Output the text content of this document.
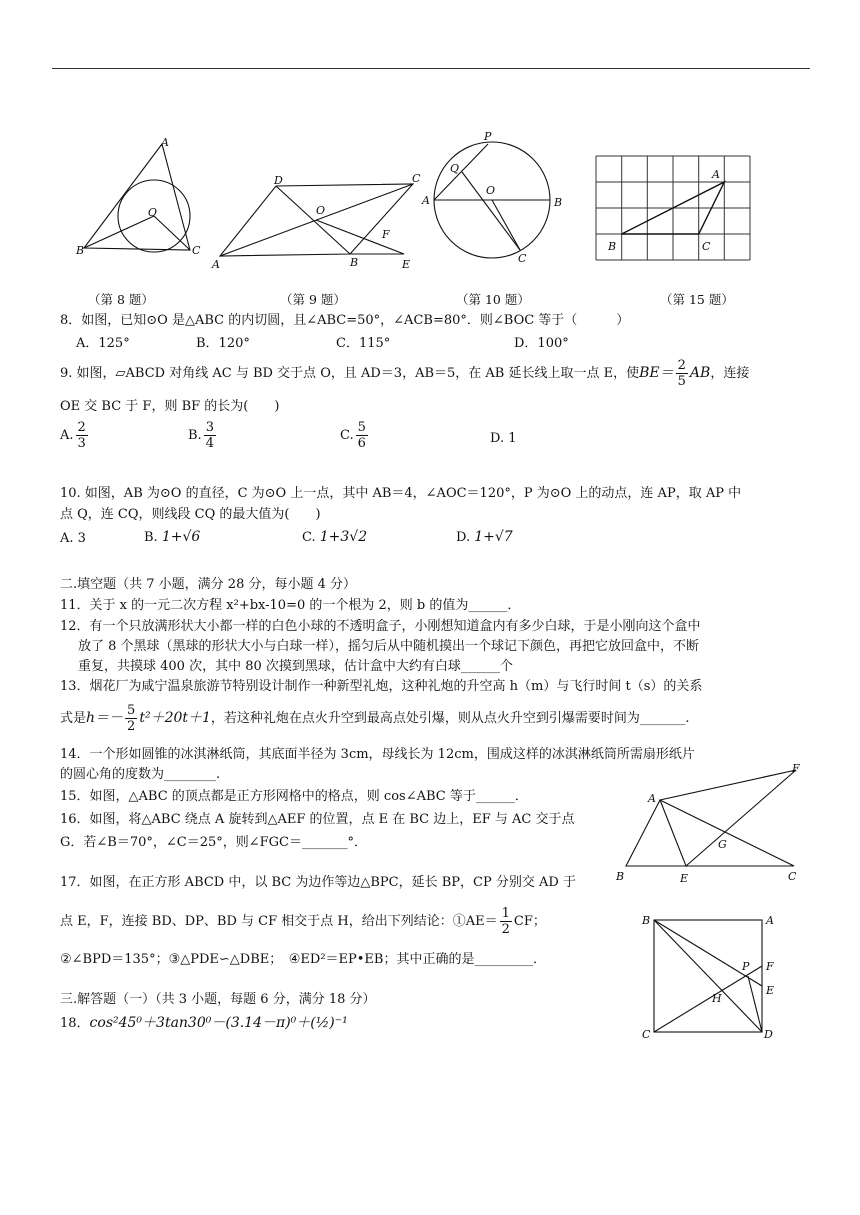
A
B	C
O
D	C
O
F
A	B	E
P
Q
O
A	B
C
A
B	C
F
A
G
B	E	C
B	A
P F
E
H
C	D
（第 8 题）	（第 9 题）	（第 10 题）	（第 15 题）
8．如图，已知⊙O 是△ABC 的内切圆，且∠ABC=50°，∠ACB=80°．则∠BOC 等于（　　　）
A．125°	B．120°	C．115°	D．100°
9. 如图，▱ABCD 对角线 AC 与 BD 交于点 O，且 AD＝3，AB＝5，在 AB 延长线上取一点 E，使$BE= \frac{2}{5}$ AB，连接
OE 交 BC 于 F，则 BF 的长为(　　)
A. $\frac{2}{3}$	B. $\frac{3}{4}$	C. $\frac{5}{6}$	D. 1
10. 如图，AB 为⊙O 的直径，C 为⊙O 上一点，其中 AB＝4，∠AOC＝120°，P 为⊙O 上的动点，连 AP，取 AP 中
点 Q，连 CQ，则线段 CQ 的最大值为(　　)
A. 3	B. 1+√6	C. 1+3√2	D. 1+√7
二.填空题（共 7 小题，满分 28 分，每小题 4 分）
11．关于 x 的一元二次方程 x²+bx-10=0 的一个根为 2，则 b 的值为______．
12．有一个只放满形状大小都一样的白色小球的不透明盒子，小刚想知道盒内有多少白球，于是小刚向这个盒中
放了 8 个黑球（黑球的形状大小与白球一样），摇匀后从中随机摸出一个球记下颜色，再把它放回盒中，不断
重复，共摸球 400 次，其中 80 次摸到黑球，估计盒中大约有白球______个
13．烟花厂为咸宁温泉旅游节特别设计制作一种新型礼炮，这种礼炮的升空高 h（m）与飞行时间 t（s）的关系
式是$h=- \frac{5}{2} t^2+20t+1$，若这种礼炮在点火升空到最高点处引爆，则从点火升空到引爆需要时间为_______.
14．一个形如圆锥的冰淇淋纸筒，其底面半径为 3cm，母线长为 12cm，围成这样的冰淇淋纸筒所需扇形纸片
的圆心角的度数为________.
15．如图，△ABC 的顶点都是正方形网格中的格点，则 cos∠ABC 等于______．
16．如图，将△ABC 绕点 A 旋转到△AEF 的位置，点 E 在 BC 边上，EF 与 AC 交于点
G．若∠B＝70°，∠C＝25°，则∠FGC＝_______°．
17．如图，在正方形 ABCD 中，以 BC 为边作等边△BPC，延长 BP，CP 分别交 AD 于
点 E，F，连接 BD、DP、BD 与 CF 相交于点 H，给出下列结论：①AE＝ $\frac{1}{2}$ CF；
②∠BPD＝135°；③△PDE∽△DBE；　④ED²＝EP•EB；其中正确的是_________．
三.解答题（一）（共 3 小题，每题 6 分，满分 18 分）
18．cos²45⁰＋3tan30⁰－(3.14－π)⁰＋(½)⁻¹
